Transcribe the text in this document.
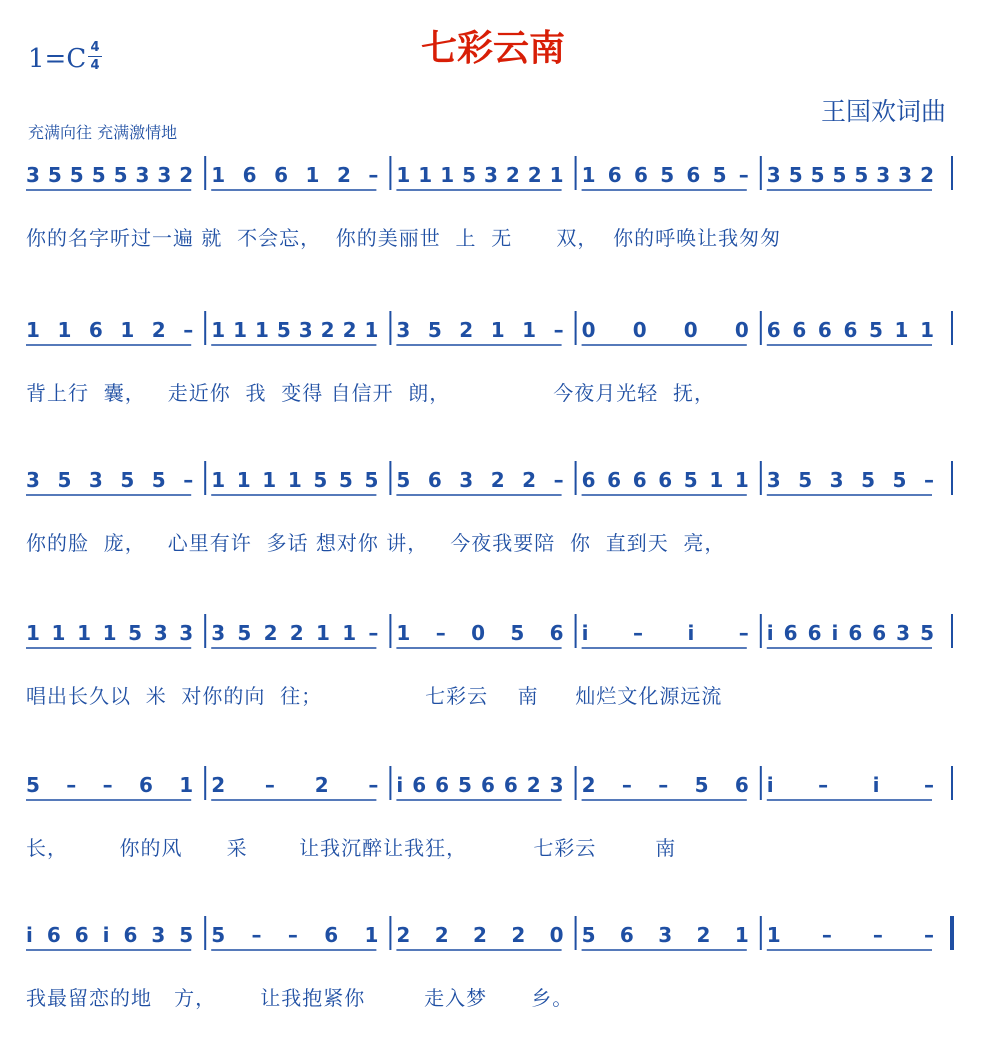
七彩云南
1=C 4
4
王国欢词曲
充满向往 充满激情地
3 5 5 5 5 3 3 2 1 6 6 1 2 – 1 1 1 5 3 2 2 1 1 6 6 5 6 5 – 3 5 5 5 5 3 3 2
你的名字听过一遍 就  不会忘，  你的美丽世  上  无      双，  你的呼唤让我匆匆
1 1 6 1 2 – 1 1 1 5 3 2 2 1 3 5 2 1 1 – 0 0 0 0 6 6 6 6 5 1 1
背上行  囊，   走近你  我  变得 自信开  朗，              今夜月光轻  抚，
3 5 3 5 5 – 1 1 1 1 5 5 5 5 6 3 2 2 – 6 6 6 6 5 1 1 3 5 3 5 5 –
你的脸  庞，   心里有许  多话 想对你 讲，   今夜我要陪  你  直到天  亮，
1 1 1 1 5 3 3 3 5 2 2 1 1 – 1 – 0 5 6 i – i – i 6 6 i 6 6 3 5
唱出长久以  米  对你的向  往；              七彩云    南     灿烂文化源远流
5 – – 6 1 2 – 2 – i 6 6 5 6 6 2 3 2 – – 5 6 i – i –
长，       你的风      采       让我沉醉让我狂，         七彩云        南
i 6 6 i 6 3 5 5 – – 6 1 2 2 2 2 0 5 6 3 2 1 1 – – –
我最留恋的地   方，      让我抱紧你        走入梦      乡。
